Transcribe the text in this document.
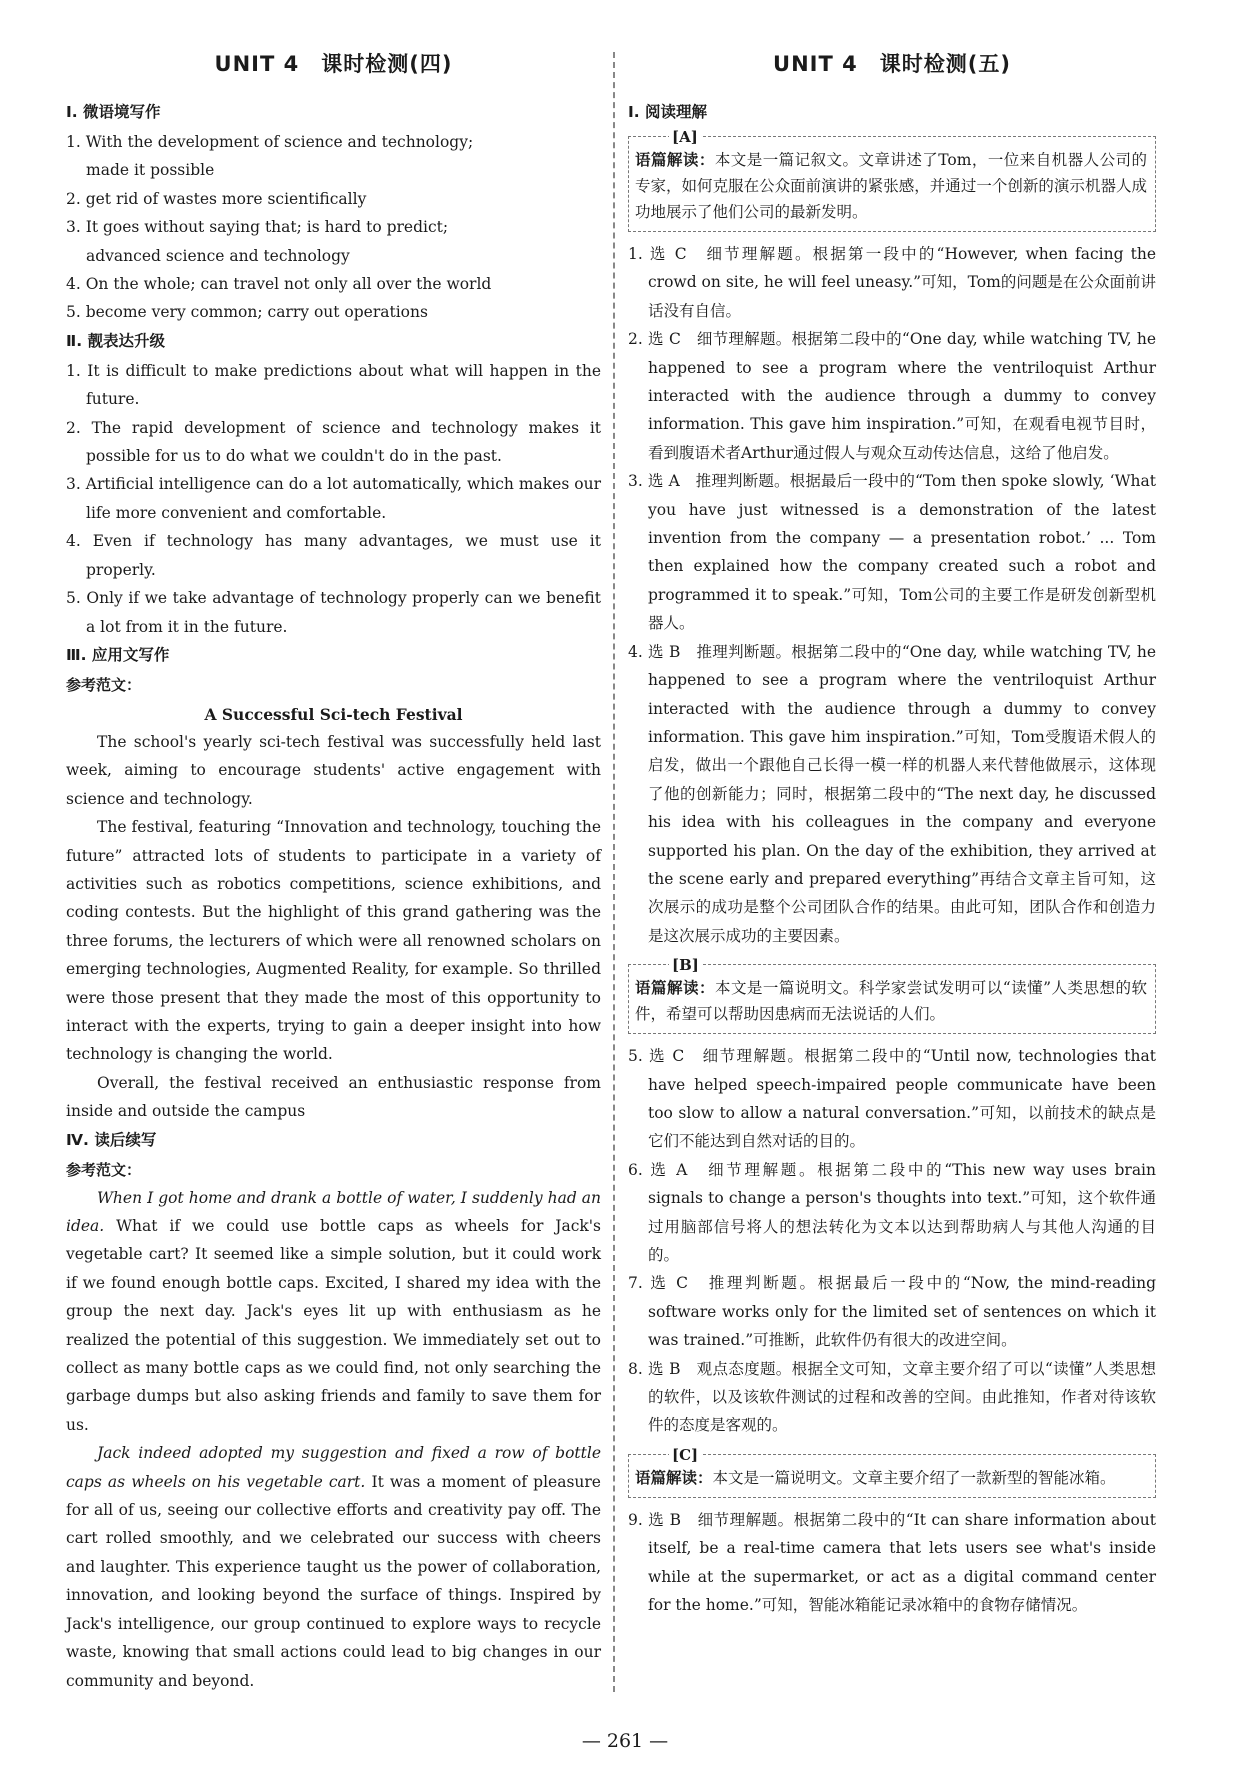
UNIT 4　课时检测(四)
Ⅰ. 微语境写作
1. With the development of science and technology;
made it possible
2. get rid of wastes more scientifically
3. It goes without saying that; is hard to predict;
advanced science and technology
4. On the whole; can travel not only all over the world
5. become very common; carry out operations
Ⅱ. 靓表达升级
1. It is difficult to make predictions about what will happen in the future.
2. The rapid development of science and technology makes it possible for us to do what we couldn't do in the past.
3. Artificial intelligence can do a lot automatically, which makes our life more convenient and comfortable.
4. Even if technology has many advantages, we must use it properly.
5. Only if we take advantage of technology properly can we benefit a lot from it in the future.
Ⅲ. 应用文写作
参考范文：
A Successful Sci-tech Festival
The school's yearly sci-tech festival was successfully held last week, aiming to encourage students' active engagement with science and technology.
The festival, featuring “Innovation and technology, touching the future” attracted lots of students to participate in a variety of activities such as robotics competitions, science exhibitions, and coding contests. But the highlight of this grand gathering was the three forums, the lecturers of which were all renowned scholars on emerging technologies, Augmented Reality, for example. So thrilled were those present that they made the most of this opportunity to interact with the experts, trying to gain a deeper insight into how technology is changing the world.
Overall, the festival received an enthusiastic response from inside and outside the campus
Ⅳ. 读后续写
参考范文：
When I got home and drank a bottle of water, I suddenly had an idea. What if we could use bottle caps as wheels for Jack's vegetable cart? It seemed like a simple solution, but it could work if we found enough bottle caps. Excited, I shared my idea with the group the next day. Jack's eyes lit up with enthusiasm as he realized the potential of this suggestion. We immediately set out to collect as many bottle caps as we could find, not only searching the garbage dumps but also asking friends and family to save them for us.
Jack indeed adopted my suggestion and fixed a row of bottle caps as wheels on his vegetable cart. It was a moment of pleasure for all of us, seeing our collective efforts and creativity pay off. The cart rolled smoothly, and we celebrated our success with cheers and laughter. This experience taught us the power of collaboration, innovation, and looking beyond the surface of things. Inspired by Jack's intelligence, our group continued to explore ways to recycle waste, knowing that small actions could lead to big changes in our community and beyond.
UNIT 4　课时检测(五)
Ⅰ. 阅读理解
[A]
语篇解读：本文是一篇记叙文。文章讲述了Tom，一位来自机器人公司的专家，如何克服在公众面前演讲的紧张感，并通过一个创新的演示机器人成功地展示了他们公司的最新发明。
1. 选 C　细节理解题。根据第一段中的“However, when facing the crowd on site, he will feel uneasy.”可知，Tom的问题是在公众面前讲话没有自信。
2. 选 C　细节理解题。根据第二段中的“One day, while watching TV, he happened to see a program where the ventriloquist Arthur interacted with the audience through a dummy to convey information. This gave him inspiration.”可知，在观看电视节目时，看到腹语术者Arthur通过假人与观众互动传达信息，这给了他启发。
3. 选 A　推理判断题。根据最后一段中的“Tom then spoke slowly, ‘What you have just witnessed is a demonstration of the latest invention from the company — a presentation robot.’ ... Tom then explained how the company created such a robot and programmed it to speak.”可知，Tom公司的主要工作是研发创新型机器人。
4. 选 B　推理判断题。根据第二段中的“One day, while watching TV, he happened to see a program where the ventriloquist Arthur interacted with the audience through a dummy to convey information. This gave him inspiration.”可知，Tom受腹语术假人的启发，做出一个跟他自己长得一模一样的机器人来代替他做展示，这体现了他的创新能力；同时，根据第二段中的“The next day, he discussed his idea with his colleagues in the company and everyone supported his plan. On the day of the exhibition, they arrived at the scene early and prepared everything”再结合文章主旨可知，这次展示的成功是整个公司团队合作的结果。由此可知，团队合作和创造力是这次展示成功的主要因素。
[B]
语篇解读：本文是一篇说明文。科学家尝试发明可以“读懂”人类思想的软件，希望可以帮助因患病而无法说话的人们。
5. 选 C　细节理解题。根据第二段中的“Until now, technologies that have helped speech-impaired people communicate have been too slow to allow a natural conversation.”可知，以前技术的缺点是它们不能达到自然对话的目的。
6. 选 A　细节理解题。根据第二段中的“This new way uses brain signals to change a person's thoughts into text.”可知，这个软件通过用脑部信号将人的想法转化为文本以达到帮助病人与其他人沟通的目的。
7. 选 C　推理判断题。根据最后一段中的“Now, the mind-reading software works only for the limited set of sentences on which it was trained.”可推断，此软件仍有很大的改进空间。
8. 选 B　观点态度题。根据全文可知，文章主要介绍了可以“读懂”人类思想的软件，以及该软件测试的过程和改善的空间。由此推知，作者对待该软件的态度是客观的。
[C]
语篇解读：本文是一篇说明文。文章主要介绍了一款新型的智能冰箱。
9. 选 B　细节理解题。根据第二段中的“It can share information about itself, be a real-time camera that lets users see what's inside while at the supermarket, or act as a digital command center for the home.”可知，智能冰箱能记录冰箱中的食物存储情况。
— 261 —
